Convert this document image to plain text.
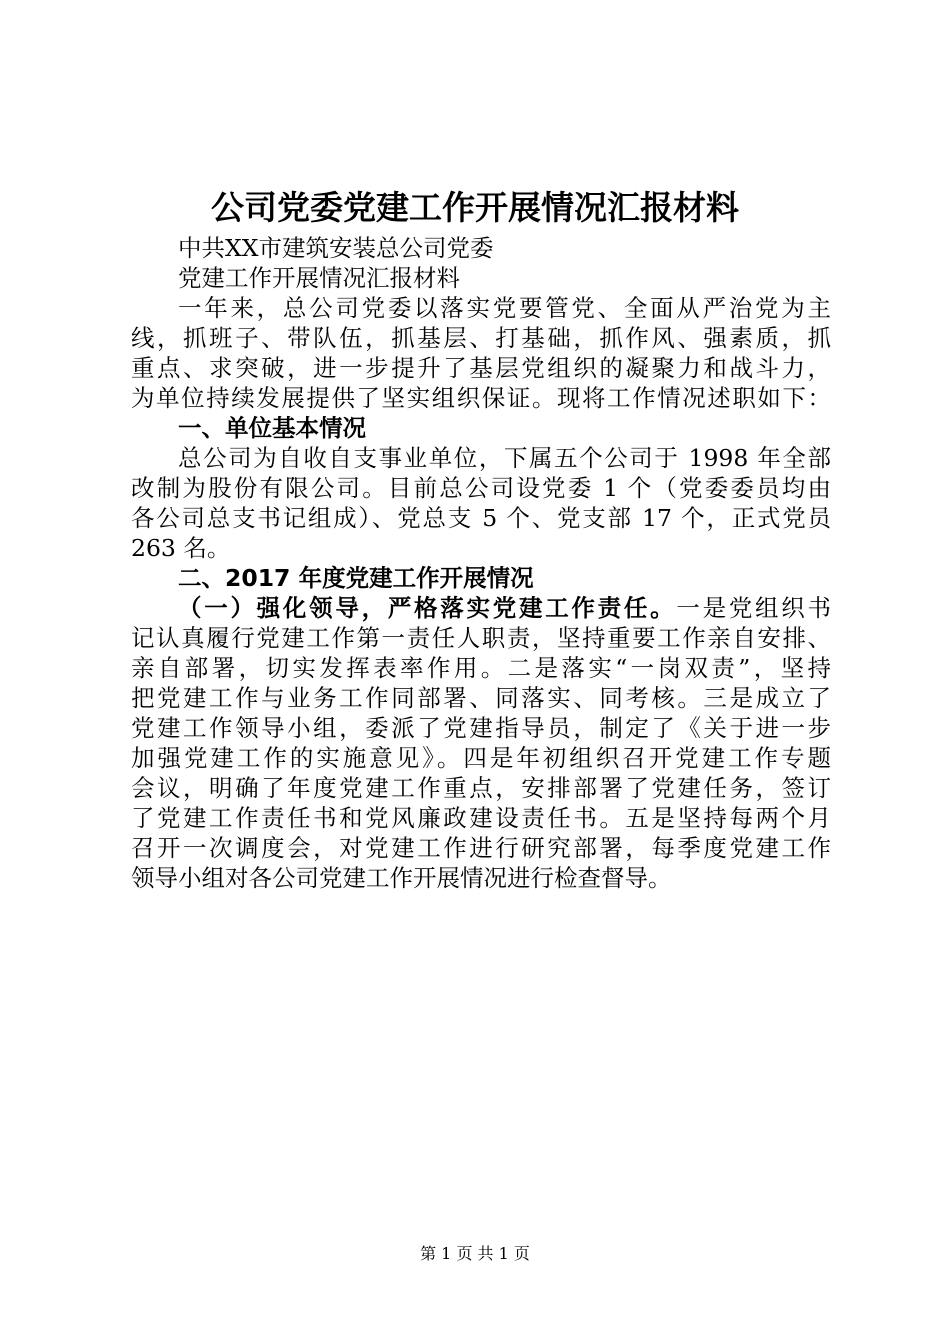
公司党委党建工作开展情况汇报材料
中共XX市建筑安装总公司党委
党建工作开展情况汇报材料
一年来，总公司党委以落实党要管党、全面从严治党为主
线，抓班子、带队伍，抓基层、打基础，抓作风、强素质，抓
重点、求突破，进一步提升了基层党组织的凝聚力和战斗力，
为单位持续发展提供了坚实组织保证。现将工作情况述职如下：
一、单位基本情况
总公司为自收自支事业单位，下属五个公司于 1998 年全部
改制为股份有限公司。目前总公司设党委 1 个（党委委员均由
各公司总支书记组成）、党总支 5 个、党支部 17 个，正式党员
263 名。
二、2017 年度党建工作开展情况
（一）强化领导，严格落实党建工作责任。一是党组织书
记认真履行党建工作第一责任人职责，坚持重要工作亲自安排、
亲自部署，切实发挥表率作用。二是落实“一岗双责”，坚持
把党建工作与业务工作同部署、同落实、同考核。三是成立了
党建工作领导小组，委派了党建指导员，制定了《关于进一步
加强党建工作的实施意见》。四是年初组织召开党建工作专题
会议，明确了年度党建工作重点，安排部署了党建任务，签订
了党建工作责任书和党风廉政建设责任书。五是坚持每两个月
召开一次调度会，对党建工作进行研究部署，每季度党建工作
领导小组对各公司党建工作开展情况进行检查督导。
第 1 页 共 1 页
